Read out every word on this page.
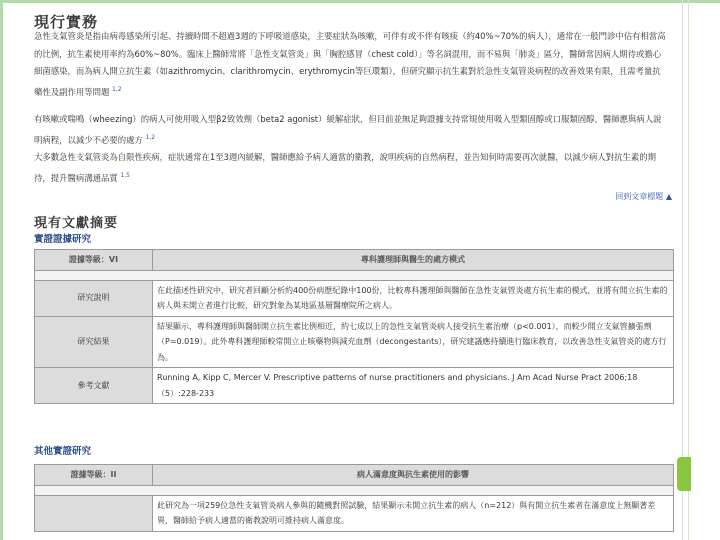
現行實務
急性支氣管炎是指由病毒感染所引起、持續時間不超過3週的下呼吸道感染，主要症狀為咳嗽，可伴有或不伴有咳痰（約40%~70%的病人），通常在一般門診中佔有相當高的比例，抗生素使用率約為60%~80%。臨床上醫師常將「急性支氣管炎」與「胸腔感冒（chest cold）」等名詞混用，而不易與「肺炎」區分，醫師常因病人期待或擔心細菌感染，而為病人開立抗生素（如azithromycin、clarithromycin、erythromycin等巨環類），但研究顯示抗生素對於急性支氣管炎病程的改善效果有限，且需考量抗藥性及副作用等問題 $^{1,2}$
有咳嗽或喘鳴（wheezing）的病人可使用吸入型β2致效劑（beta2 agonist）緩解症狀，但目前並無足夠證據支持常規使用吸入型類固醇或口服類固醇，醫師應與病人說明病程，以減少不必要的處方 $^{1,2}$
大多數急性支氣管炎為自限性疾病，症狀通常在1至3週內緩解，醫師應給予病人適當的衛教，說明疾病的自然病程，並告知何時需要再次就醫，以減少病人對抗生素的期待，提升醫病溝通品質 $^{1,5}$
回到文章標題 ▲
現有文獻摘要
實證證據研究
證據等級：VI	專科護理師與醫生的處方模式

研究說明	在此描述性研究中，研究者回顧分析約400份病歷紀錄中100份，比較專科護理師與醫師在急性支氣管炎處方抗生素的模式，並將有開立抗生素的病人與未開立者進行比較，研究對象為某地區基層醫療院所之病人。
研究結果	結果顯示，專科護理師與醫師開立抗生素比例相近，約七成以上的急性支氣管炎病人接受抗生素治療（p<0.001），而較少開立支氣管擴張劑（P=0.019）。此外專科護理師較常開立止咳藥物與減充血劑（decongestants），研究建議應持續進行臨床教育，以改善急性支氣管炎的處方行為。
參考文獻	Running A, Kipp C, Mercer V. Prescriptive patterns of nurse practitioners and physicians. J Am Acad Nurse Pract 2006;18（5）:228-233
其他實證研究
證據等級：II	病人滿意度與抗生素使用的影響

	此研究為一項259位急性支氣管炎病人參與的隨機對照試驗，結果顯示未開立抗生素的病人（n=212）與有開立抗生素者在滿意度上無顯著差異，醫師給予病人適當的衛教說明可維持病人滿意度。
